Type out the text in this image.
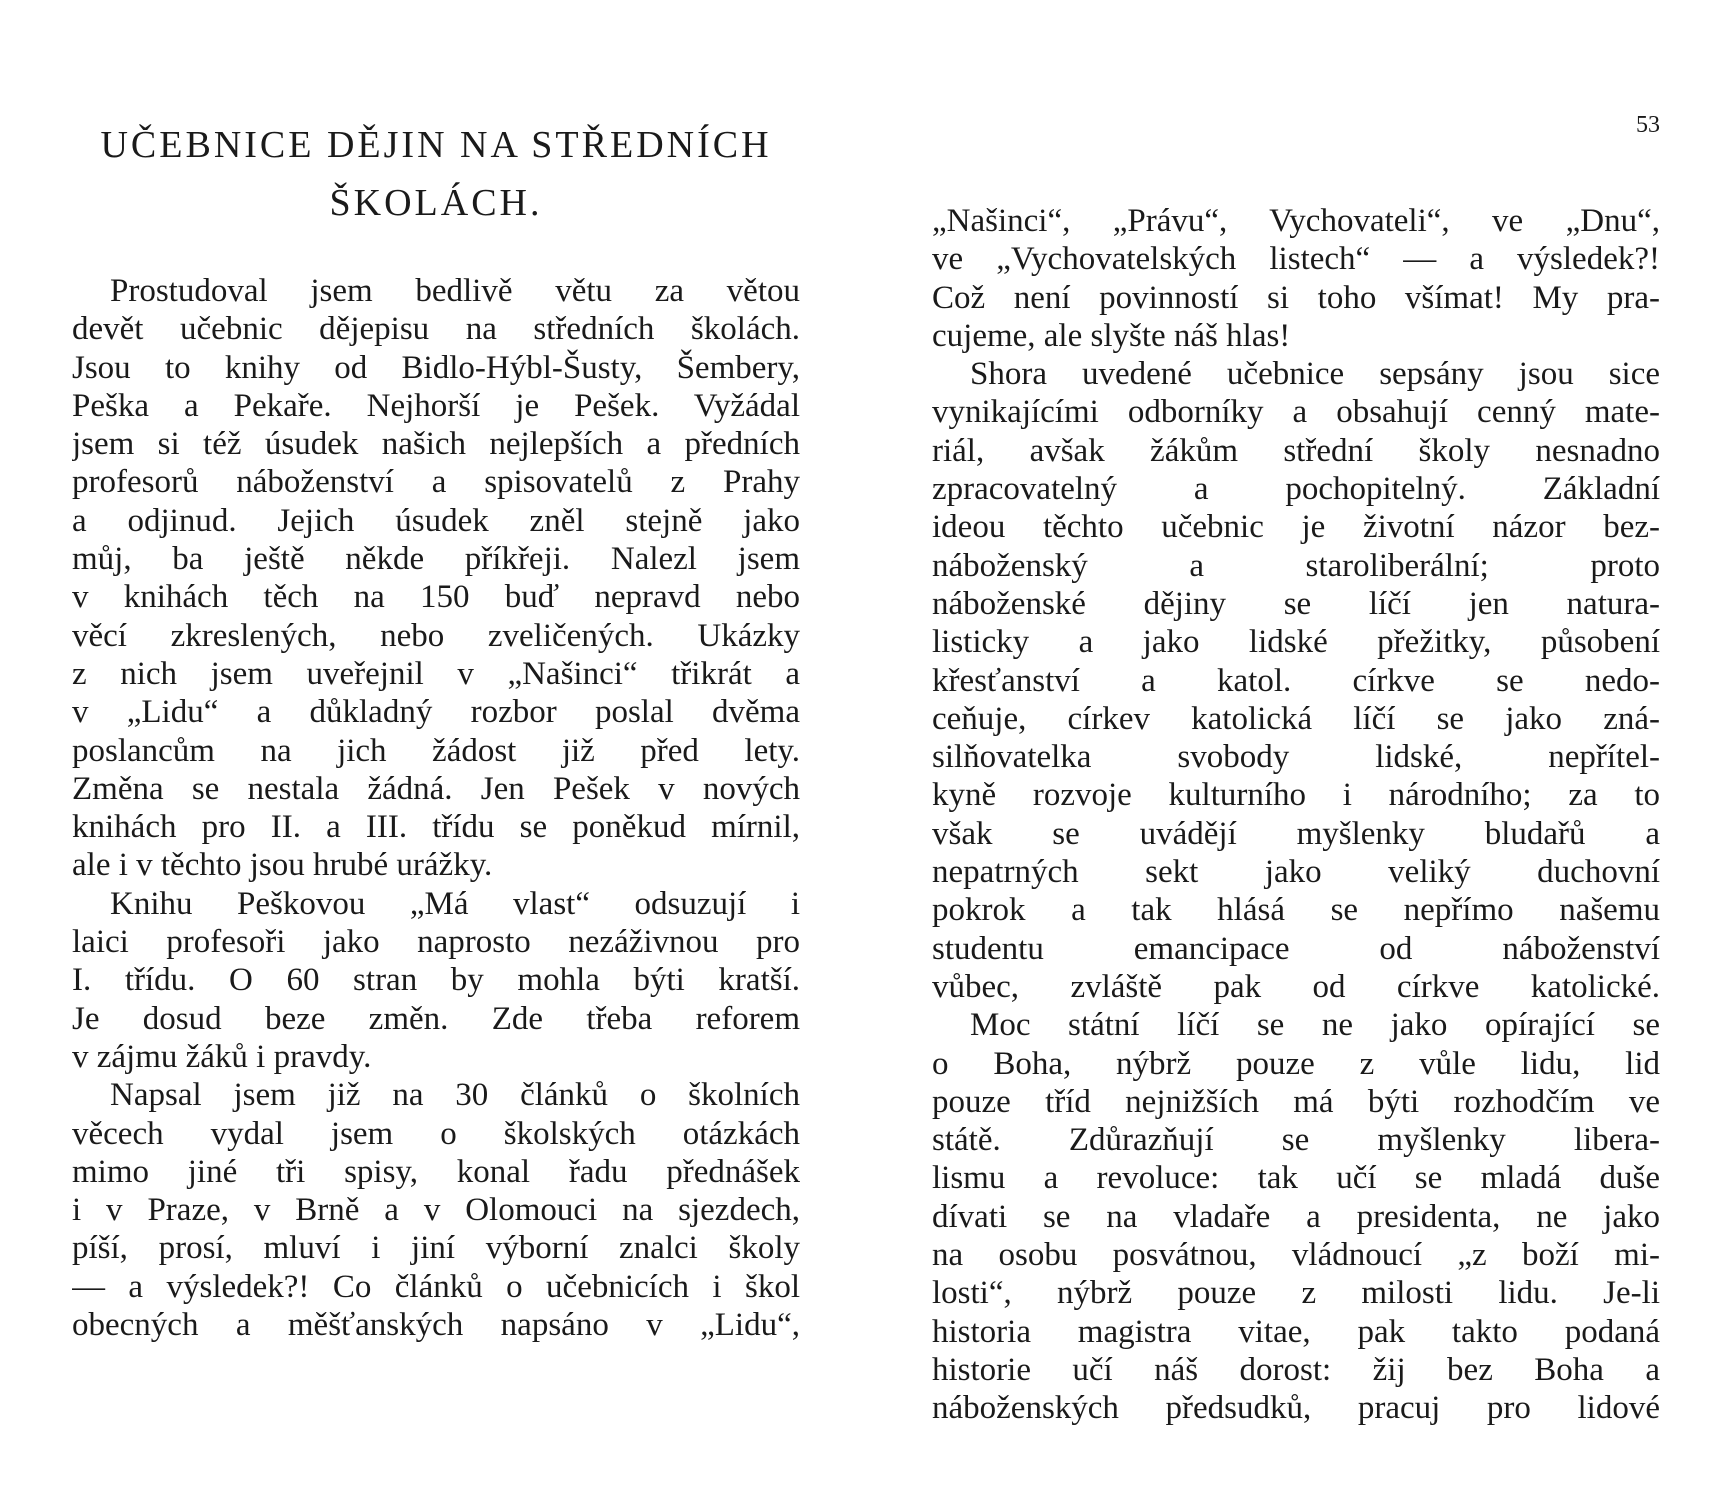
UČEBNICE DĚJIN NA STŘEDNÍCH
ŠKOLÁCH.
Prostudoval jsem bedlivě větu za větou
devět učebnic dějepisu na středních školách.
Jsou to knihy od Bidlo-Hýbl-Šusty, Šembery,
Peška a Pekaře. Nejhorší je Pešek. Vyžádal
jsem si též úsudek našich nejlepších a předních
profesorů náboženství a spisovatelů z Prahy
a odjinud. Jejich úsudek zněl stejně jako
můj, ba ještě někde příkřeji. Nalezl jsem
v knihách těch na 150 buď nepravd nebo
věcí zkreslených, nebo zveličených. Ukázky
z nich jsem uveřejnil v „Našinci“ třikrát a
v „Lidu“ a důkladný rozbor poslal dvěma
poslancům na jich žádost již před lety.
Změna se nestala žádná. Jen Pešek v nových
knihách pro II. a III. třídu se poněkud mírnil,
ale i v těchto jsou hrubé urážky.
Knihu Peškovou „Má vlast“ odsuzují i
laici profesoři jako naprosto nezáživnou pro
I. třídu. O 60 stran by mohla býti kratší.
Je dosud beze změn. Zde třeba reforem
v zájmu žáků i pravdy.
Napsal jsem již na 30 článků o školních
věcech vydal jsem o školských otázkách
mimo jiné tři spisy, konal řadu přednášek
i v Praze, v Brně a v Olomouci na sjezdech,
píší, prosí, mluví i jiní výborní znalci školy
— a výsledek?! Co článků o učebnicích i škol
obecných a měšťanských napsáno v „Lidu“,
53
„Našinci“, „Právu“, Vychovateli“, ve „Dnu“,
ve „Vychovatelských listech“ — a výsledek?!
Což není povinností si toho všímat! My pra-
cujeme, ale slyšte náš hlas!
Shora uvedené učebnice sepsány jsou sice
vynikajícími odborníky a obsahují cenný mate-
riál, avšak žákům střední školy nesnadno
zpracovatelný a pochopitelný. Základní
ideou těchto učebnic je životní názor bez-
náboženský a staroliberální; proto
náboženské dějiny se líčí jen natura-
listicky a jako lidské přežitky, působení
křesťanství a katol. církve se nedo-
ceňuje, církev katolická líčí se jako zná-
silňovatelka svobody lidské, nepřítel-
kyně rozvoje kulturního i národního; za to
však se uvádějí myšlenky bludařů a
nepatrných sekt jako veliký duchovní
pokrok a tak hlásá se nepřímo našemu
studentu emancipace od náboženství
vůbec, zvláště pak od církve katolické.
Moc státní líčí se ne jako opírající se
o Boha, nýbrž pouze z vůle lidu, lid
pouze tříd nejnižších má býti rozhodčím ve
státě. Zdůrazňují se myšlenky libera-
lismu a revoluce: tak učí se mladá duše
dívati se na vladaře a presidenta, ne jako
na osobu posvátnou, vládnoucí „z boží mi-
losti“, nýbrž pouze z milosti lidu. Je-li
historia magistra vitae, pak takto podaná
historie učí náš dorost: žij bez Boha a
náboženských předsudků, pracuj pro lidové
